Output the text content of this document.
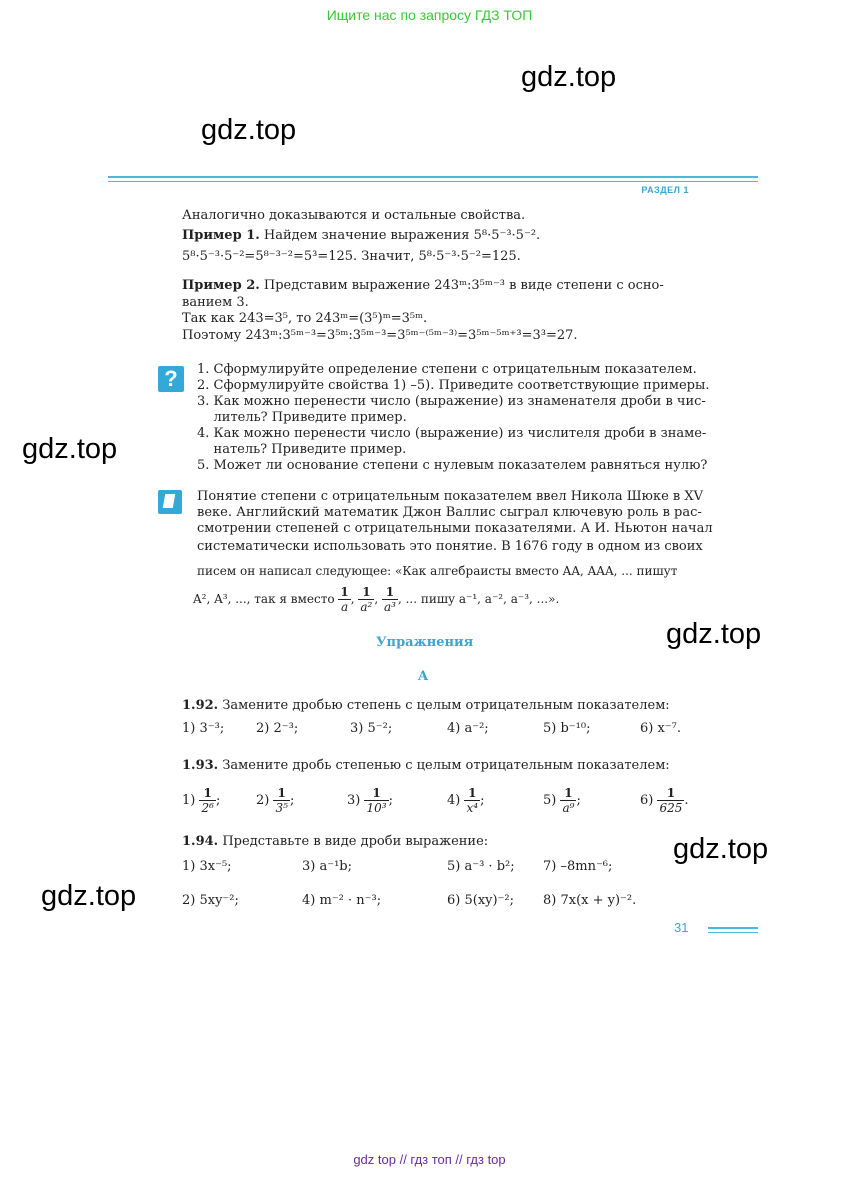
Ищите нас по запросу ГДЗ ТОП
gdz.top
gdz.top
gdz.top
gdz.top
gdz.top
gdz.top
РАЗДЕЛ 1
Аналогично доказываются и остальные свойства.
Пример 1. Найдем значение выражения 5⁸·5⁻³·5⁻².
5⁸·5⁻³·5⁻²=5⁸⁻³⁻²=5³=125. Значит, 5⁸·5⁻³·5⁻²=125.
Пример 2. Представим выражение 243ᵐ:3⁵ᵐ⁻³ в виде степени с осно-
ванием 3.
Так как 243=3⁵, то 243ᵐ=(3⁵)ᵐ=3⁵ᵐ.
Поэтому 243ᵐ:3⁵ᵐ⁻³=3⁵ᵐ:3⁵ᵐ⁻³=3⁵ᵐ⁻⁽⁵ᵐ⁻³⁾=3⁵ᵐ⁻⁵ᵐ⁺³=3³=27.
?	1. Сформулируйте определение степени с отрицательным показателем.
2. Сформулируйте свойства 1) –5). Приведите соответствующие примеры.
3. Как можно перенести число (выражение) из знаменателя дроби в чис-
литель? Приведите пример.
4. Как можно перенести число (выражение) из числителя дроби в знаме-
натель? Приведите пример.
5. Может ли основание степени с нулевым показателем равняться нулю?
Понятие степени с отрицательным показателем ввел Никола Шюке в XV
веке. Английский математик Джон Валлис сыграл ключевую роль в рас-
смотрении степеней с отрицательными показателями. А И. Ньютон начал
систематически использовать это понятие. В 1676 году в одном из своих
писем он написал следующее: «Как алгебраисты вместо AA, AAA, ... пишут
A², A³, ..., так я вместо $\frac{1}{a}$ , $\frac{1}{\text{a²}}$ , $\frac{1}{\text{a³}}$ , ... пишу a⁻¹, a⁻², a⁻³, ...».
Упражнения
A
1.92. Замените дробью степень с целым отрицательным показателем:
1) 3⁻³; 2) 2⁻³;	3) 5⁻²;	4) a⁻²;	5) b⁻¹⁰;	6) x⁻⁷.
1.93. Замените дробь степенью с целым отрицательным показателем:
$1) \frac{1}{\text{2⁶}}$ ;	$2) \frac{1}{\text{3⁵}}$ ;	$3) \frac{1}{\text{10³}}$ ;	$4) \frac{1}{\text{x⁴}}$ ;	$5) \frac{1}{\text{a⁹}}$ ;	$6) \frac{1}{625}$ .
1.94. Представьте в виде дроби выражение:
1) 3x⁻⁵;	3) a⁻¹b;	5) a⁻³ · b²; 7) –8mn⁻⁶;
2) 5xy⁻²;	4) m⁻² · n⁻³;	6) 5(xy)⁻²; 8) 7x(x + y)⁻².
31
gdz top // гдз топ // гдз top
